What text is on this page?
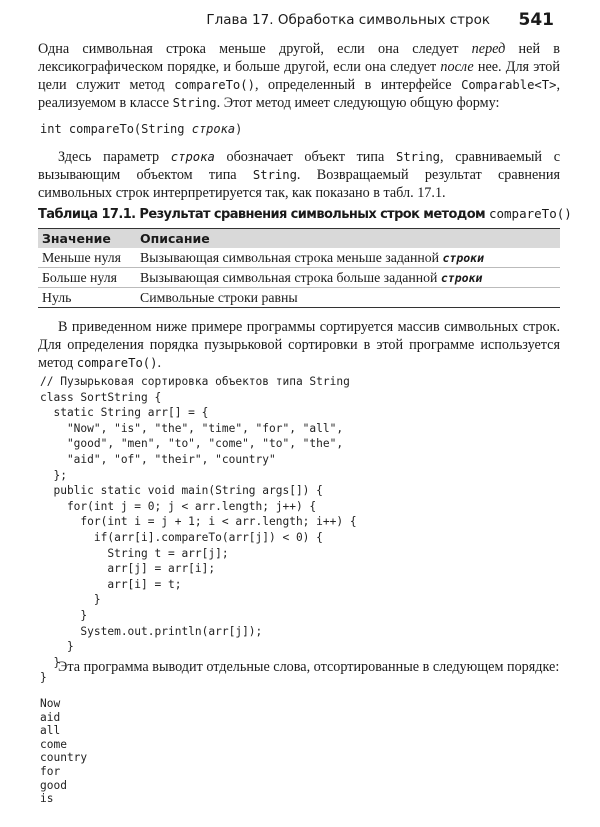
Глава 17. Обработка символьных строк 541

Одна символьная строка меньше другой, если она следует перед ней в лексикографическом порядке, и больше другой, если она следует после нее. Для этой цели служит метод compareTo(), определенный в интерфейсе Comparable<T>, реализуемом в классе String. Этот метод имеет следующую общую форму:

int compareTo(String строка)

Здесь параметр строка обозначает объект типа String, сравниваемый с вызывающим объектом типа String. Возвращаемый результат сравнения символьных строк интерпретируется так, как показано в табл. 17.1.

Таблица 17.1. Результат сравнения символьных строк методом compareTo()
Значение Описание
Меньше нуля Вызывающая символьная строка меньше заданной строки
Больше нуля Вызывающая символьная строка больше заданной строки
Нуль	Символьные строки равны

В приведенном ниже примере программы сортируется массив символьных строк. Для определения порядка пузырьковой сортировки в этой программе используется метод compareTo().

// Пузырьковая сортировка объектов типа String
class SortString {
static String arr[] = {
"Now", "is", "the", "time", "for", "all",
"good", "men", "to", "come", "to", "the",
"aid", "of", "their", "country"
};
public static void main(String args[]) {
for(int j = 0; j < arr.length; j++) {
for(int i = j + 1; i < arr.length; i++) {
if(arr[i].compareTo(arr[j]) < 0) {
String t = arr[j];
arr[j] = arr[i];
arr[i] = t;
}
}
System.out.println(arr[j]);
}
}
}

Эта программа выводит отдельные слова, отсортированные в следующем порядке:

Now
aid
all
come
country
for
good
is
